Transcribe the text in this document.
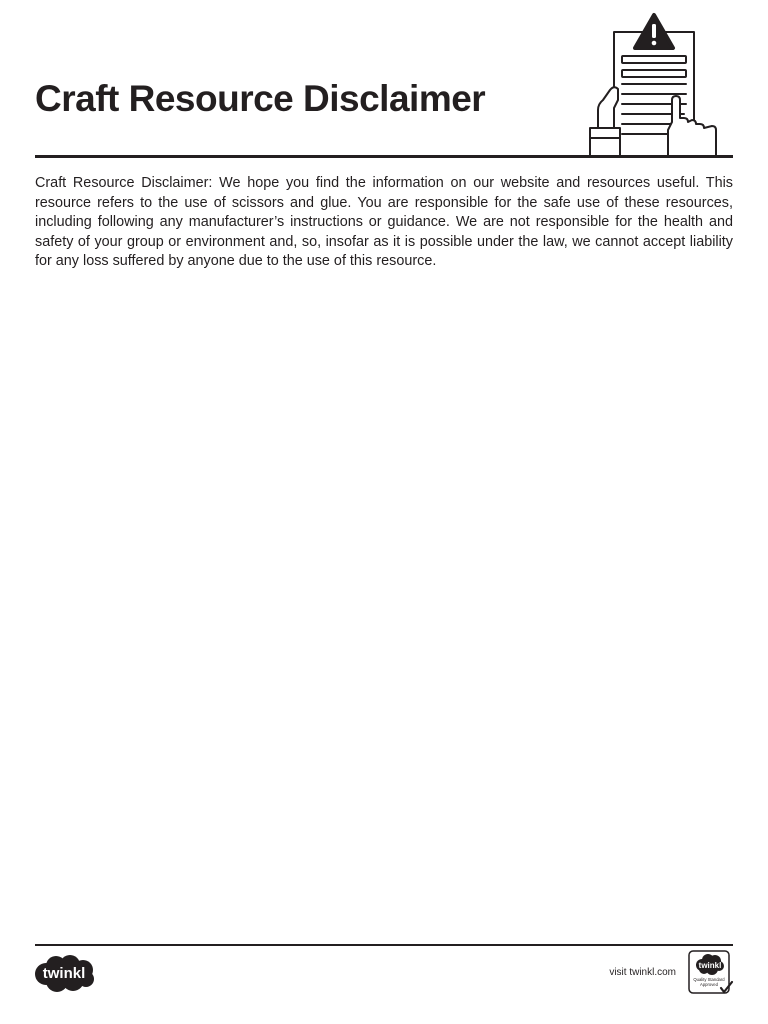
Craft Resource Disclaimer

Craft Resource Disclaimer: We hope you find the information on our website and resources useful. This resource refers to the use of scissors and glue. You are responsible for the safe use of these resources, including following any manufacturer’s instructions or guidance. We are not responsible for the health and safety of your group or environment and, so, insofar as it is possible under the law, we cannot accept liability for any loss suffered by anyone due to the use of this resource.

twinkl	visit twinkl.com
twinkl
Quality Standard
Approved
